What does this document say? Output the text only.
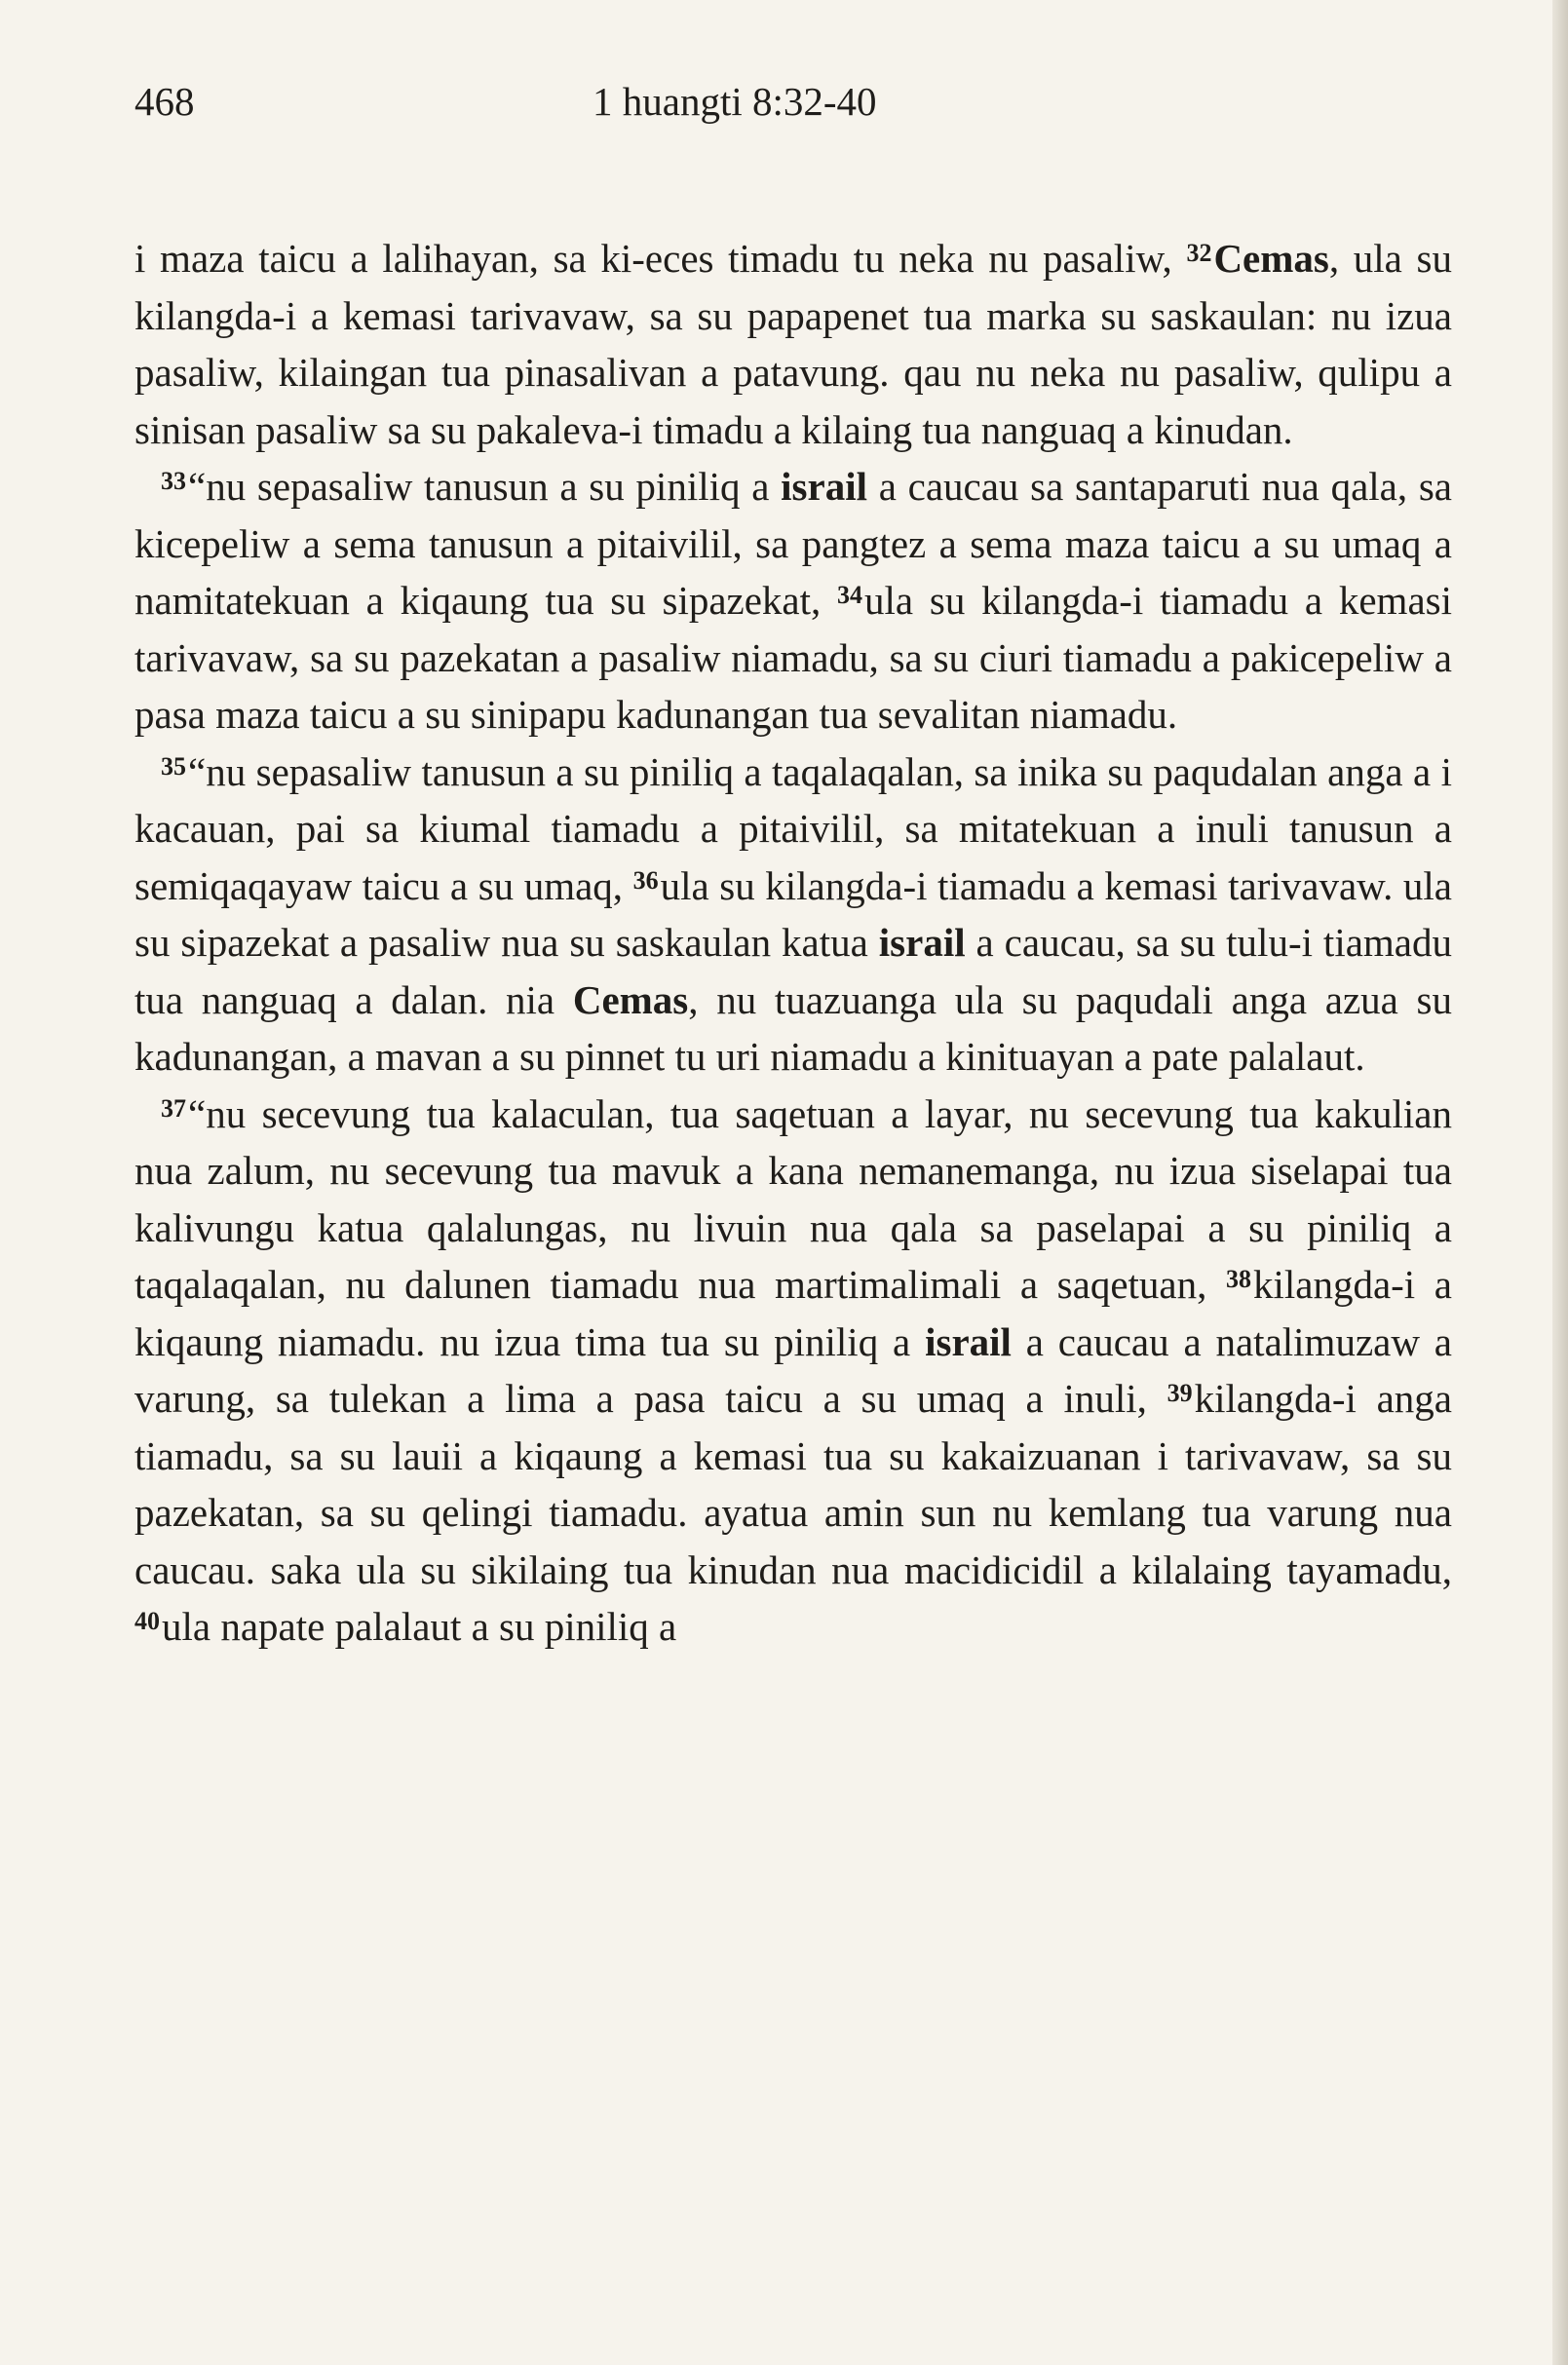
468	1 huangti 8:32-40

i maza taicu a lalihayan, sa ki-eces timadu tu neka nu pasaliw, $^{32}$Cemas, ula su kilangda-i a kemasi tarivavaw, sa su papapenet tua marka su saskaulan: nu izua pasaliw, kilaingan tua pinasalivan a patavung. qau nu neka nu pasaliw, qulipu a sinisan pasaliw sa su pakaleva-i timadu a kilaing tua nanguaq a kinudan.

$^{33}$“nu sepasaliw tanusun a su piniliq a israil a caucau sa santaparuti nua qala, sa kicepeliw a sema tanusun a pitaivilil, sa pangtez a sema maza taicu a su umaq a namitatekuan a kiqaung tua su sipazekat, $^{34}$ula su kilangda-i tiamadu a kemasi tarivavaw, sa su pazekatan a pasaliw niamadu, sa su ciuri tiamadu a pakicepeliw a pasa maza taicu a su sinipapu kadunangan tua sevalitan niamadu.

$^{35}$“nu sepasaliw tanusun a su piniliq a taqalaqalan, sa inika su paqudalan anga a i kacauan, pai sa kiumal tiamadu a pitaivilil, sa mitatekuan a inuli tanusun a semiqaqayaw taicu a su umaq, $^{36}$ula su kilangda-i tiamadu a kemasi tarivavaw. ula su sipazekat a pasaliw nua su saskaulan katua israil a caucau, sa su tulu-i tiamadu tua nanguaq a dalan. nia Cemas, nu tuazuanga ula su paqudali anga azua su kadunangan, a mavan a su pinnet tu uri niamadu a kinituayan a pate palalaut.

$^{37}$“nu secevung tua kalaculan, tua saqetuan a layar, nu secevung tua kakulian nua zalum, nu secevung tua mavuk a kana nemanemanga, nu izua siselapai tua kalivungu katua qalalungas, nu livuin nua qala sa paselapai a su piniliq a taqalaqalan, nu dalunen tiamadu nua martimalimali a saqetuan, $^{38}$kilangda-i a kiqaung niamadu. nu izua tima tua su piniliq a israil a caucau a natalimuzaw a varung, sa tulekan a lima a pasa taicu a su umaq a inuli, $^{39}$kilangda-i anga tiamadu, sa su lauii a kiqaung a kemasi tua su kakaizuanan i tarivavaw, sa su pazekatan, sa su qelingi tiamadu. ayatua amin sun nu kemlang tua varung nua caucau. saka ula su sikilaing tua kinudan nua macidicidil a kilalaing tayamadu, $^{40}$ula napate palalaut a su piniliq a
